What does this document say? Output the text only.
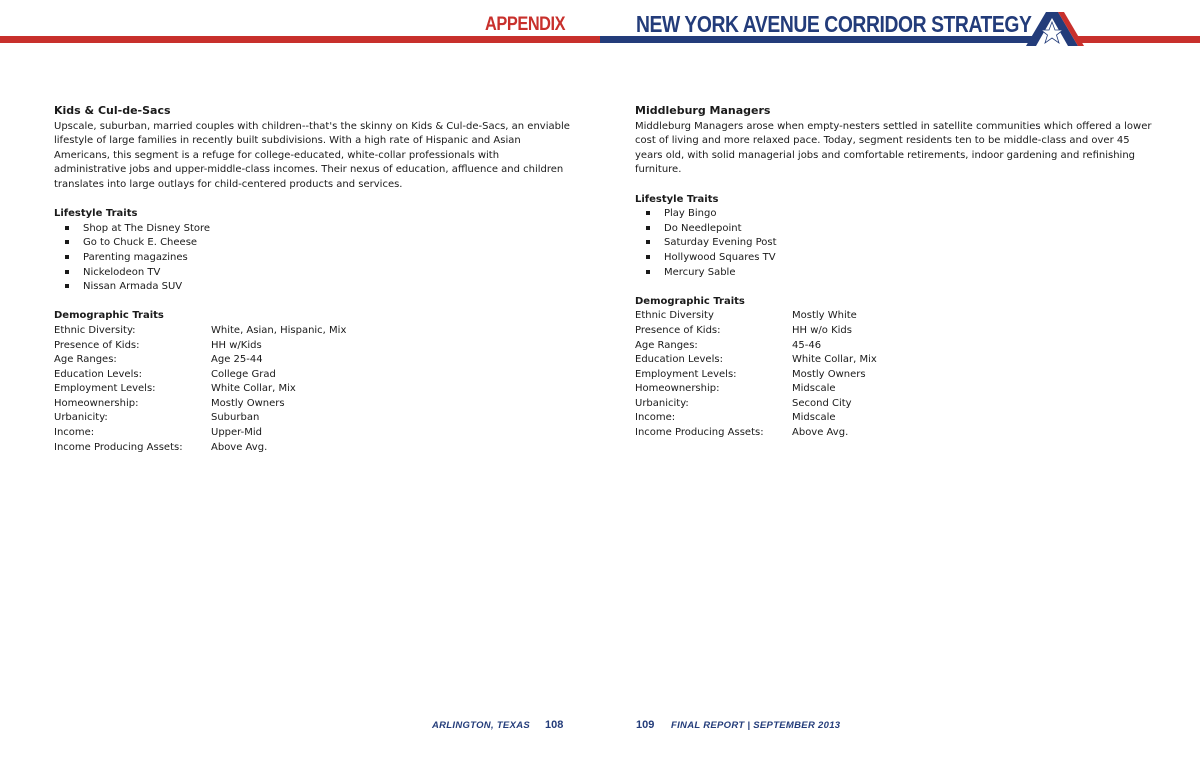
APPENDIX	NEW YORK AVENUE CORRIDOR STRATEGY
Kids & Cul-de-Sacs

Upscale, suburban, married couples with children--that's the skinny on Kids & Cul-de-Sacs, an enviable lifestyle of large families in recently built subdivisions. With a high rate of Hispanic and Asian Americans, this segment is a refuge for college-educated, white-collar professionals with administrative jobs and upper-middle-class incomes. Their nexus of education, affluence and children translates into large outlays for child-centered products and services.

Lifestyle Traits
Shop at The Disney Store
Go to Chuck E. Cheese
Parenting magazines
Nickelodeon TV
Nissan Armada SUV
Demographic Traits
Ethnic Diversity:	White, Asian, Hispanic, Mix
Presence of Kids:	HH w/Kids
Age Ranges:	Age 25-44
Education Levels:	College Grad
Employment Levels:	White Collar, Mix
Homeownership:	Mostly Owners
Urbanicity:	Suburban
Income:	Upper-Mid
Income Producing Assets:	Above Avg.
Middleburg Managers

Middleburg Managers arose when empty-nesters settled in satellite communities which offered a lower cost of living and more relaxed pace. Today, segment residents ten to be middle-class and over 45 years old, with solid managerial jobs and comfortable retirements, indoor gardening and refinishing furniture.

Lifestyle Traits
Play Bingo
Do Needlepoint
Saturday Evening Post
Hollywood Squares TV
Mercury Sable
Demographic Traits
Ethnic Diversity	Mostly White
Presence of Kids:	HH w/o Kids
Age Ranges:	45-46
Education Levels:	White Collar, Mix
Employment Levels:	Mostly Owners
Homeownership:	Midscale
Urbanicity:	Second City
Income:	Midscale
Income Producing Assets:	Above Avg.
ARLINGTON, TEXAS 108	109 FINAL REPORT | SEPTEMBER 2013
